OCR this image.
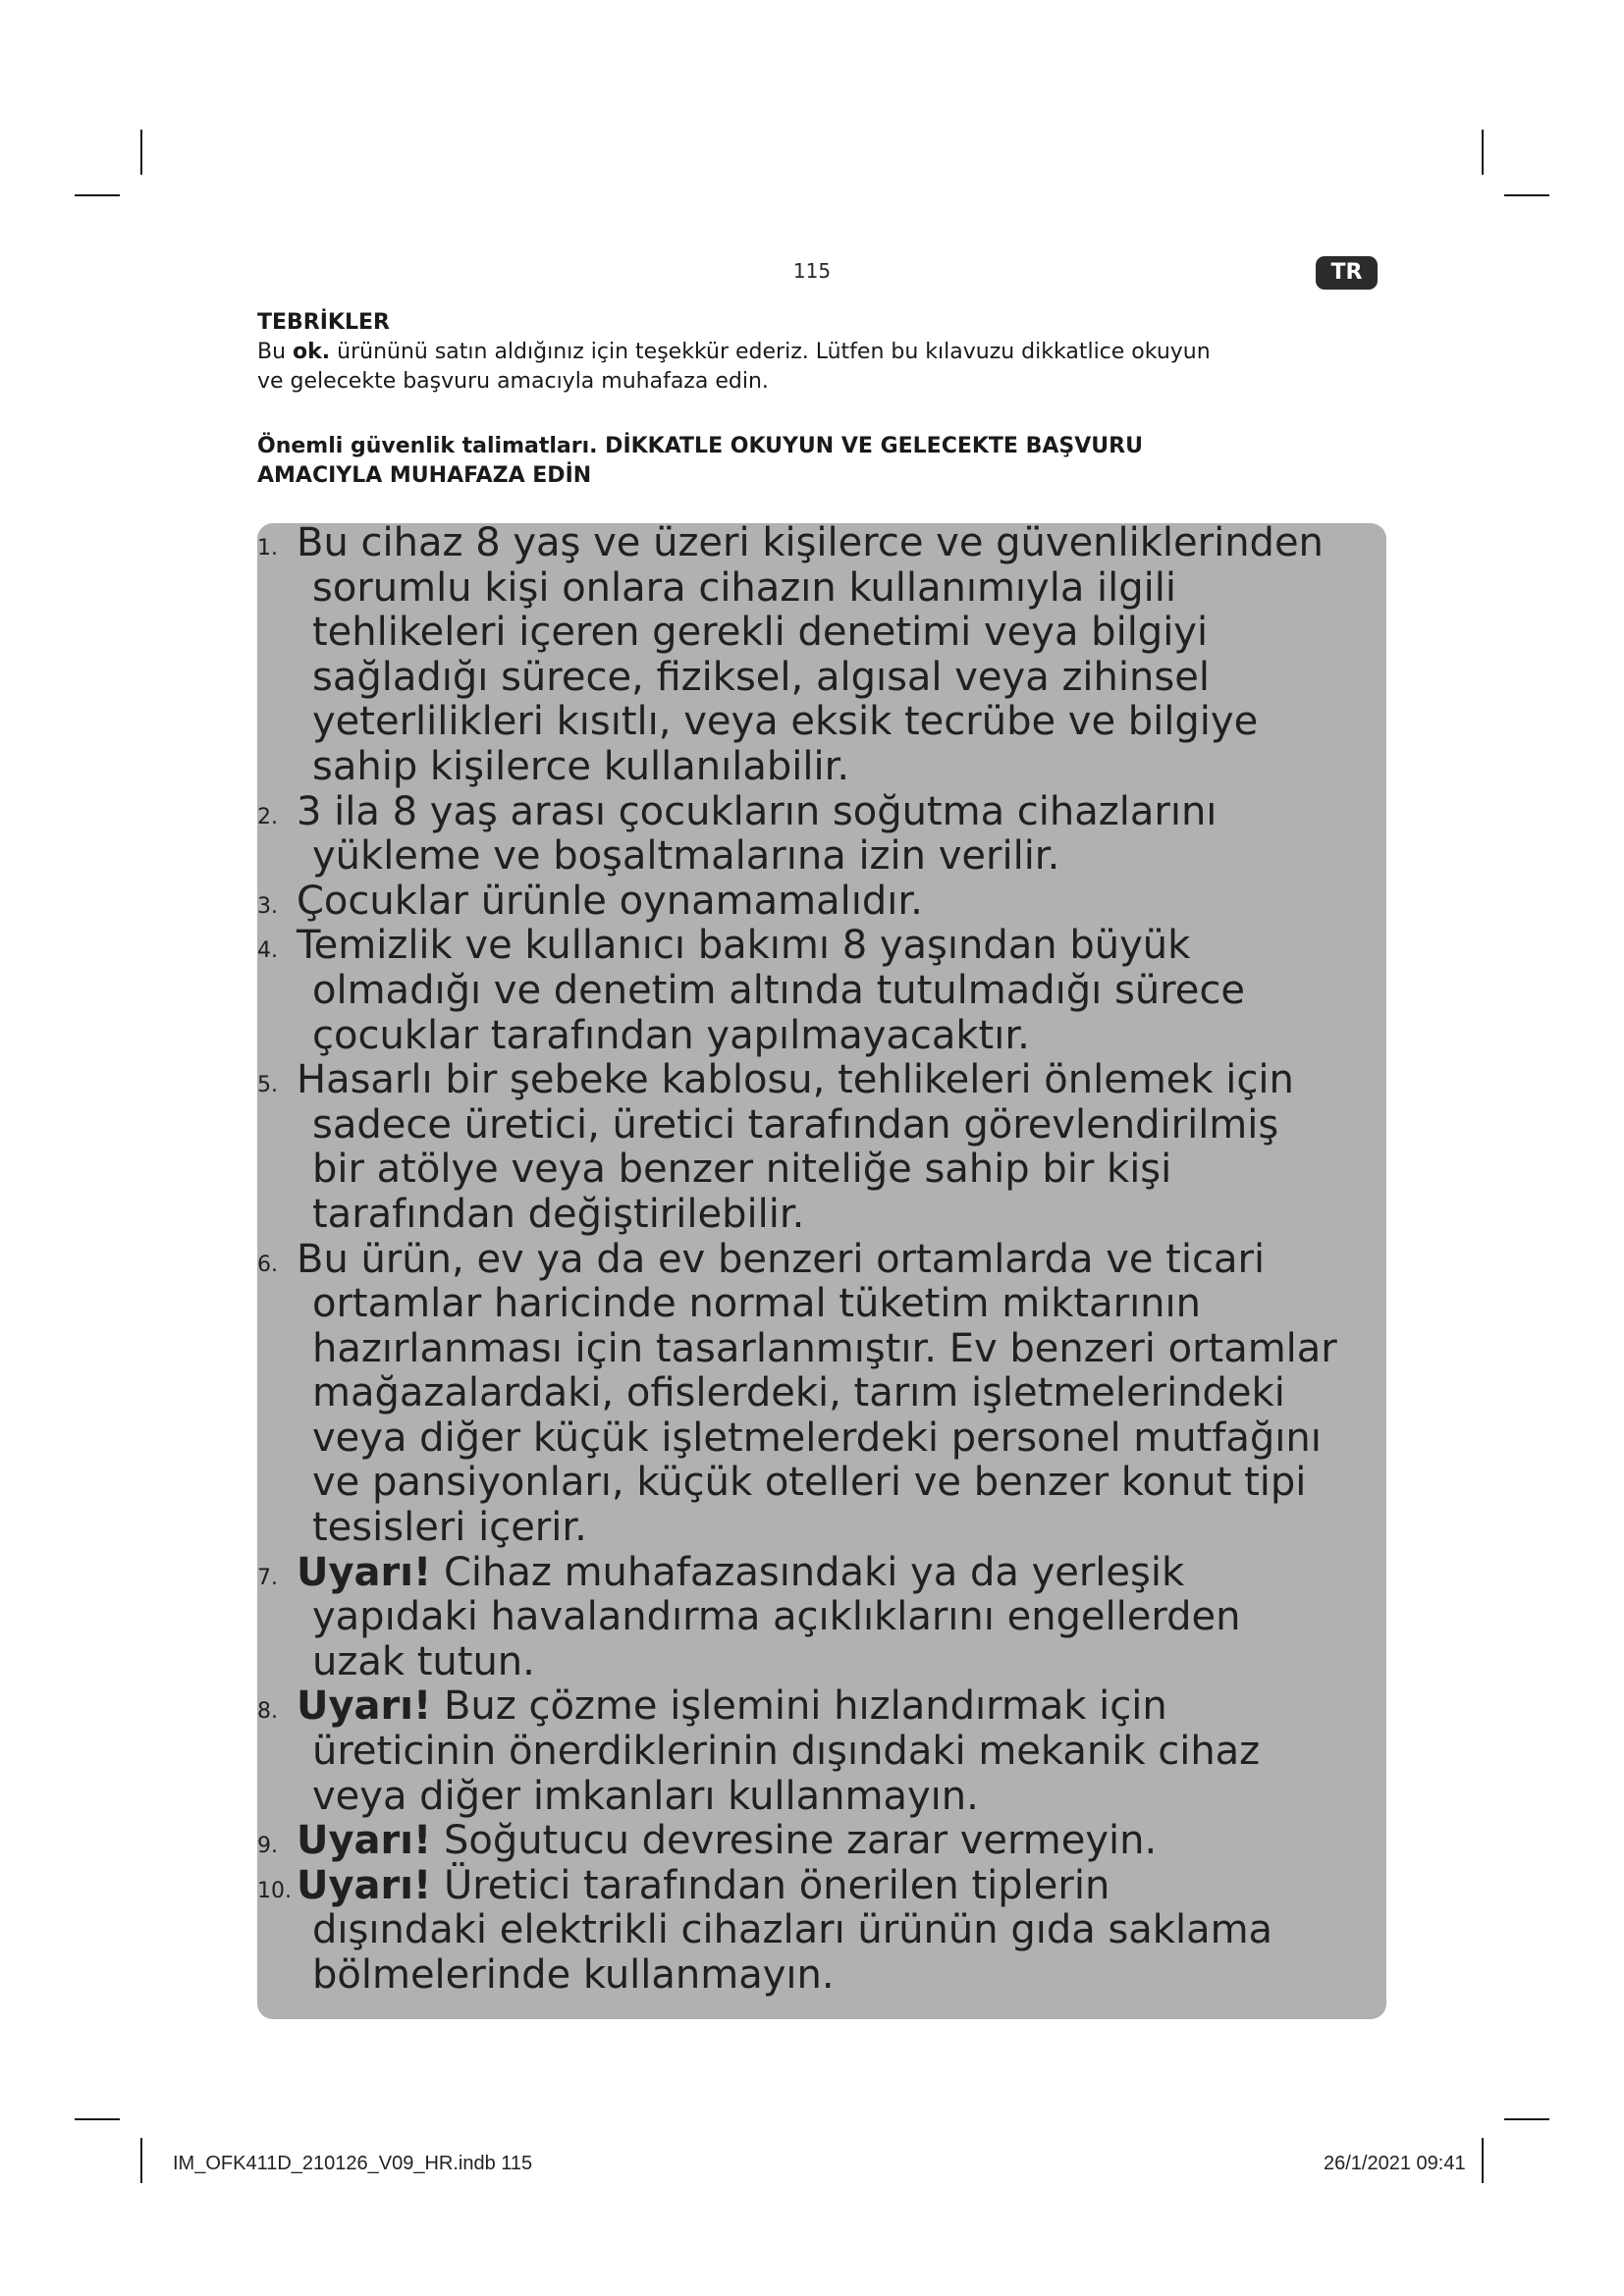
115	TR

TEBRİKLER

Bu ok. ürününü satın aldığınız için teşekkür ederiz. Lütfen bu kılavuzu dikkatlice okuyun
ve gelecekte başvuru amacıyla muhafaza edin.

Önemli güvenlik talimatları. DİKKATLE OKUYUN VE GELECEKTE BAŞVURU
AMACIYLA MUHAFAZA EDİN

1. Bu cihaz 8 yaş ve üzeri kişilerce ve güvenliklerinden
sorumlu kişi onlara cihazın kullanımıyla ilgili
tehlikeleri içeren gerekli denetimi veya bilgiyi
sağladığı sürece, fiziksel, algısal veya zihinsel
yeterlilikleri kısıtlı, veya eksik tecrübe ve bilgiye
sahip kişilerce kullanılabilir.
2. 3 ila 8 yaş arası çocukların soğutma cihazlarını
yükleme ve boşaltmalarına izin verilir.
3. Çocuklar ürünle oynamamalıdır.
4. Temizlik ve kullanıcı bakımı 8 yaşından büyük
olmadığı ve denetim altında tutulmadığı sürece
çocuklar tarafından yapılmayacaktır.
5. Hasarlı bir şebeke kablosu, tehlikeleri önlemek için
sadece üretici, üretici tarafından görevlendirilmiş
bir atölye veya benzer niteliğe sahip bir kişi
tarafından değiştirilebilir.
6. Bu ürün, ev ya da ev benzeri ortamlarda ve ticari
ortamlar haricinde normal tüketim miktarının
hazırlanması için tasarlanmıştır. Ev benzeri ortamlar
mağazalardaki, ofislerdeki, tarım işletmelerindeki
veya diğer küçük işletmelerdeki personel mutfağını
ve pansiyonları, küçük otelleri ve benzer konut tipi
tesisleri içerir.
7. Uyarı! Cihaz muhafazasındaki ya da yerleşik
yapıdaki havalandırma açıklıklarını engellerden
uzak tutun.
8. Uyarı! Buz çözme işlemini hızlandırmak için
üreticinin önerdiklerinin dışındaki mekanik cihaz
veya diğer imkanları kullanmayın.
9. Uyarı! Soğutucu devresine zarar vermeyin.
10. Uyarı! Üretici tarafından önerilen tiplerin
dışındaki elektrikli cihazları ürünün gıda saklama
bölmelerinde kullanmayın.
IM_OFK411D_210126_V09_HR.indb 115	26/1/2021 09:41
